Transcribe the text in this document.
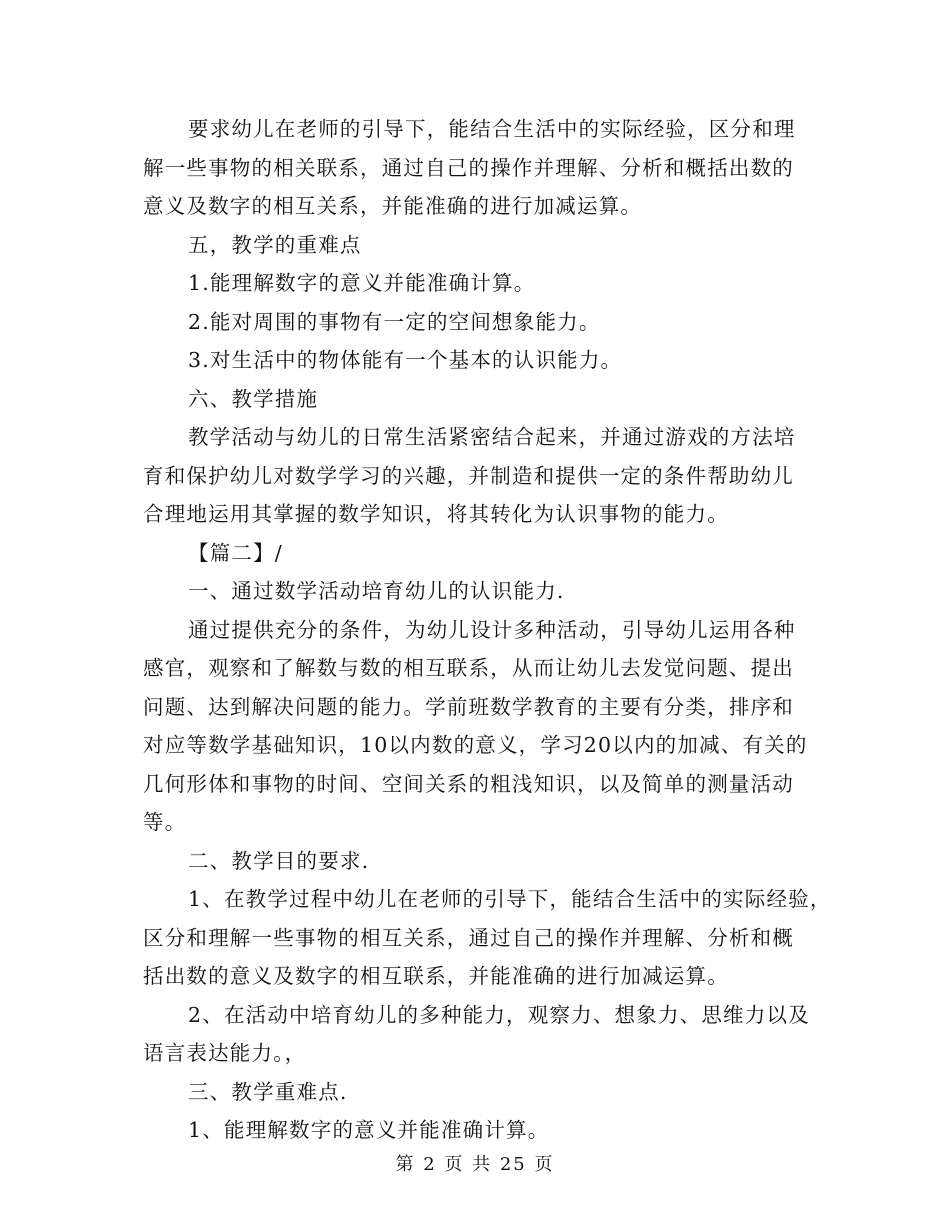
要求幼儿在老师的引导下，能结合生活中的实际经验，区分和理
解一些事物的相关联系，通过自己的操作并理解、分析和概括出数的
意义及数字的相互关系，并能准确的进行加减运算。
五，教学的重难点
1.能理解数字的意义并能准确计算。
2.能对周围的事物有一定的空间想象能力。
3.对生活中的物体能有一个基本的认识能力。
六、教学措施
教学活动与幼儿的日常生活紧密结合起来，并通过游戏的方法培
育和保护幼儿对数学学习的兴趣，并制造和提供一定的条件帮助幼儿
合理地运用其掌握的数学知识，将其转化为认识事物的能力。
【篇二】/
一、通过数学活动培育幼儿的认识能力.
通过提供充分的条件，为幼儿设计多种活动，引导幼儿运用各种
感官，观察和了解数与数的相互联系，从而让幼儿去发觉问题、提出
问题、达到解决问题的能力。学前班数学教育的主要有分类，排序和
对应等数学基础知识，10以内数的意义，学习20以内的加减、有关的
几何形体和事物的时间、空间关系的粗浅知识，以及简单的测量活动
等。
二、教学目的要求.
1、在教学过程中幼儿在老师的引导下，能结合生活中的实际经验，
区分和理解一些事物的相互关系，通过自己的操作并理解、分析和概
括出数的意义及数字的相互联系，并能准确的进行加减运算。
2、在活动中培育幼儿的多种能力，观察力、想象力、思维力以及
语言表达能力。，
三、教学重难点.
1、能理解数字的意义并能准确计算。
第 2 页 共 25 页
